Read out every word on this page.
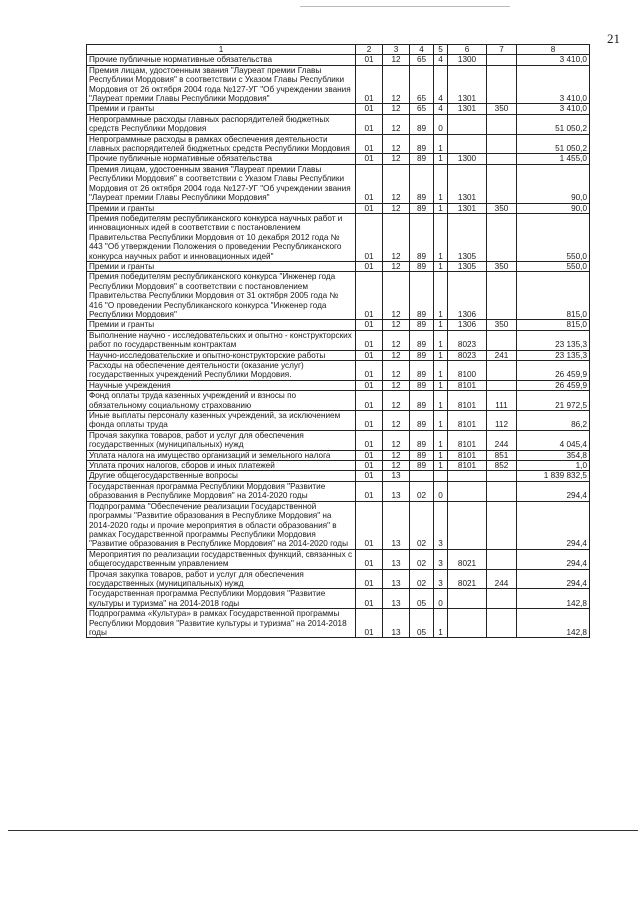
21
1	2	3	4	5	6	7	8
Прочие публичные нормативные обязательства	01	12	65	4	1300		3 410,0
Премия лицам, удостоенным звания "Лауреат премии Главы Республики Мордовия" в соответствии с Указом Главы Республики Мордовия от 26 октября 2004 года №127-УГ "Об учреждении звания "Лауреат премии Главы Республики Мордовия"	01	12	65	4	1301		3 410,0
Премии и гранты	01	12	65	4	1301	350	3 410,0
Непрограммные расходы главных распорядителей бюджетных средств Республики Мордовия	01	12	89	0			51 050,2
Непрограммные расходы в рамках обеспечения деятельности главных распорядителей бюджетных средств Республики Мордовия	01	12	89	1			51 050,2
Прочие публичные нормативные обязательства	01	12	89	1	1300		1 455,0
Премия лицам, удостоенным звания "Лауреат премии Главы Республики Мордовия" в соответствии с Указом Главы Республики Мордовия от 26 октября 2004 года №127-УГ "Об учреждении звания "Лауреат премии Главы Республики Мордовия"	01	12	89	1	1301		90,0
Премии и гранты	01	12	89	1	1301	350	90,0
Премия победителям республиканского конкурса научных работ и инновационных идей в соответствии с постановлением Правительства Республики Мордовия от 10 декабря 2012 года № 443 "Об утверждении Положения о проведении Республиканского конкурса научных работ и инновационных идей"	01	12	89	1	1305		550,0
Премии и гранты	01	12	89	1	1305	350	550,0
Премия победителям республиканского конкурса "Инженер года Республики Мордовия" в соответствии с постановлением Правительства Республики Мордовия от 31 октября 2005 года № 416 "О проведении Республиканского конкурса "Инженер года Республики Мордовия"	01	12	89	1	1306		815,0
Премии и гранты	01	12	89	1	1306	350	815,0
Выполнение научно - исследовательских и опытно - конструкторских работ по государственным контрактам	01	12	89	1	8023		23 135,3
Научно-исследовательские и опытно-конструкторские работы	01	12	89	1	8023	241	23 135,3
Расходы на обеспечение деятельности (оказание услуг) государственных учреждений Республики Мордовия.	01	12	89	1	8100		26 459,9
Научные учреждения	01	12	89	1	8101		26 459,9
Фонд оплаты труда казенных учреждений и взносы по обязательному социальному страхованию	01	12	89	1	8101	111	21 972,5
Иные выплаты персоналу казенных учреждений, за исключением фонда оплаты труда	01	12	89	1	8101	112	86,2
Прочая закупка товаров, работ и услуг для обеспечения государственных (муниципальных) нужд	01	12	89	1	8101	244	4 045,4
Уплата налога на имущество организаций и земельного налога	01	12	89	1	8101	851	354,8
Уплата прочих налогов, сборов и иных платежей	01	12	89	1	8101	852	1,0
Другие общегосударственные вопросы	01	13					1 839 832,5
Государственная программа Республики Мордовия "Развитие образования в Республике Мордовия" на 2014-2020 годы	01	13	02	0			294,4
Подпрограмма "Обеспечение реализации Государственной программы "Развитие образования в Республике Мордовия" на 2014-2020 годы и прочие мероприятия в области образования" в рамках Государственной программы Республики Мордовия "Развитие образования в Республике Мордовия" на 2014-2020 годы	01	13	02	3			294,4
Мероприятия по реализации государственных функций, связанных с общегосударственным управлением	01	13	02	3	8021		294,4
Прочая закупка товаров, работ и услуг для обеспечения государственных (муниципальных) нужд	01	13	02	3	8021	244	294,4
Государственная программа Республики Мордовия "Развитие культуры и туризма" на 2014-2018 годы	01	13	05	0			142,8
Подпрограмма «Культура» в рамках Государственной программы Республики Мордовия "Развитие культуры и туризма" на 2014-2018 годы	01	13	05	1			142,8
